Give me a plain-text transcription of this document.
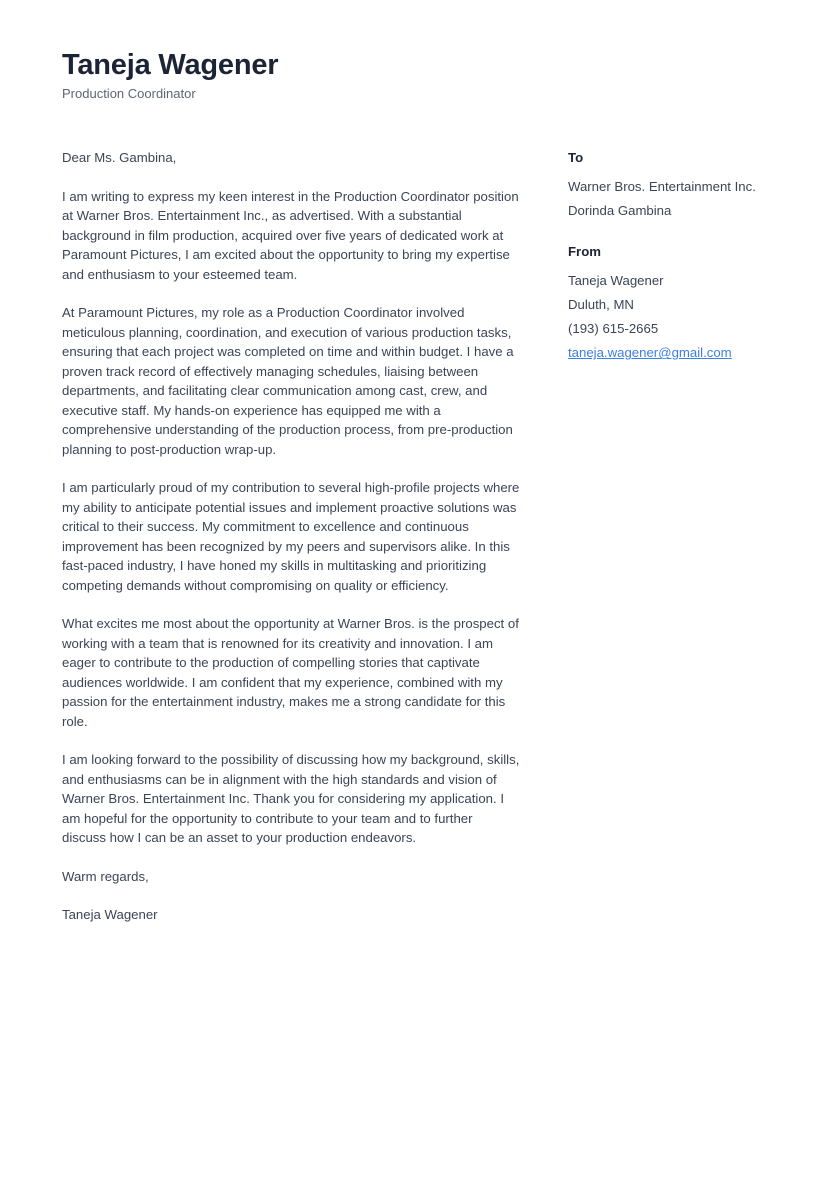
Taneja Wagener

Production Coordinator

Dear Ms. Gambina,

I am writing to express my keen interest in the Production Coordinator position at Warner Bros. Entertainment Inc., as advertised. With a substantial background in film production, acquired over five years of dedicated work at Paramount Pictures, I am excited about the opportunity to bring my expertise and enthusiasm to your esteemed team.

At Paramount Pictures, my role as a Production Coordinator involved meticulous planning, coordination, and execution of various production tasks, ensuring that each project was completed on time and within budget. I have a proven track record of effectively managing schedules, liaising between departments, and facilitating clear communication among cast, crew, and executive staff. My hands-on experience has equipped me with a comprehensive understanding of the production process, from pre-production planning to post-production wrap-up.

I am particularly proud of my contribution to several high-profile projects where my ability to anticipate potential issues and implement proactive solutions was critical to their success. My commitment to excellence and continuous improvement has been recognized by my peers and supervisors alike. In this fast-paced industry, I have honed my skills in multitasking and prioritizing competing demands without compromising on quality or efficiency.

What excites me most about the opportunity at Warner Bros. is the prospect of working with a team that is renowned for its creativity and innovation. I am eager to contribute to the production of compelling stories that captivate audiences worldwide. I am confident that my experience, combined with my passion for the entertainment industry, makes me a strong candidate for this role.

I am looking forward to the possibility of discussing how my background, skills, and enthusiasms can be in alignment with the high standards and vision of Warner Bros. Entertainment Inc. Thank you for considering my application. I am hopeful for the opportunity to contribute to your team and to further discuss how I can be an asset to your production endeavors.

Warm regards,

Taneja Wagener

To

Warner Bros. Entertainment Inc.

Dorinda Gambina

From

Taneja Wagener

Duluth, MN

(193) 615-2665

taneja.wagener@gmail.com
